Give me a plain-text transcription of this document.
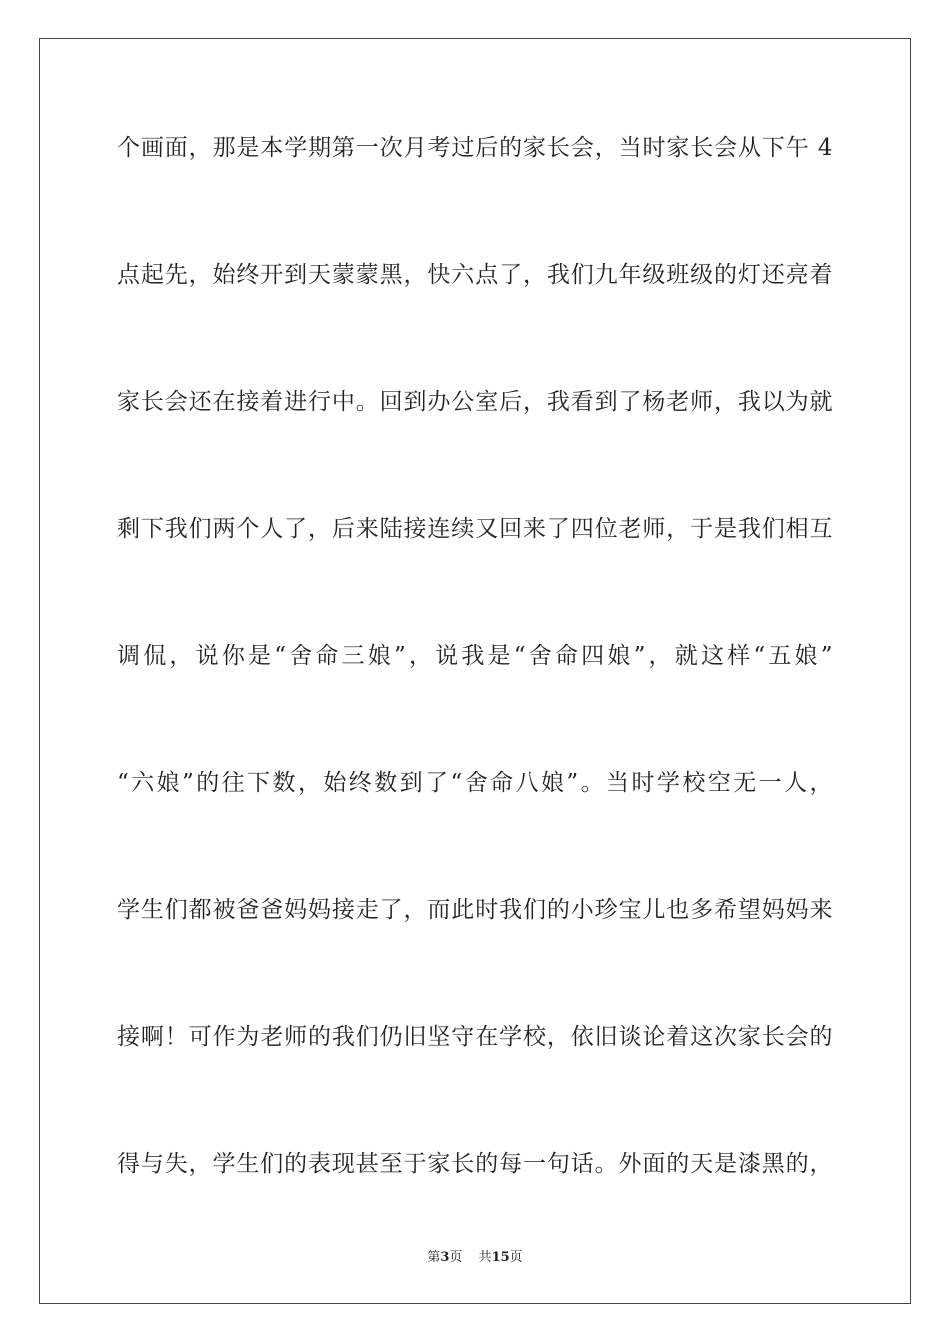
个画面，那是本学期第一次月考过后的家长会，当时家长会从下午 4
点起先，始终开到天蒙蒙黑，快六点了，我们九年级班级的灯还亮着
家长会还在接着进行中。回到办公室后，我看到了杨老师，我以为就
剩下我们两个人了，后来陆接连续又回来了四位老师，于是我们相互
调侃，说你是“舍命三娘”，说我是“舍命四娘”，就这样“五娘”
“六娘”的往下数，始终数到了“舍命八娘”。当时学校空无一人，
学生们都被爸爸妈妈接走了，而此时我们的小珍宝儿也多希望妈妈来
接啊！可作为老师的我们仍旧坚守在学校，依旧谈论着这次家长会的
得与失，学生们的表现甚至于家长的每一句话。外面的天是漆黑的，
第3页 共15页
